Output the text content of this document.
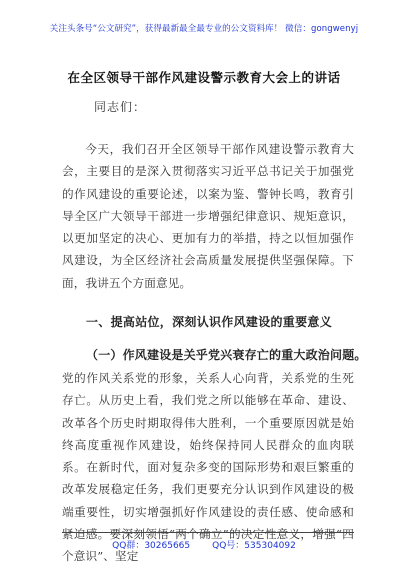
关注头条号“公文研究”，获得最新最全最专业的公文资料库！ 微信：gongwenyj
在全区领导干部作风建设警示教育大会上的讲话
同志们：
今天，我们召开全区领导干部作风建设警示教育大会，主要目的是深入贯彻落实习近平总书记关于加强党的作风建设的重要论述，以案为鉴、警钟长鸣，教育引导全区广大领导干部进一步增强纪律意识、规矩意识，以更加坚定的决心、更加有力的举措，持之以恒加强作风建设，为全区经济社会高质量发展提供坚强保障。下面，我讲五个方面意见。
一、提高站位，深刻认识作风建设的重要意义
（一）作风建设是关乎党兴衰存亡的重大政治问题。
党的作风关系党的形象，关系人心向背，关系党的生死存亡。从历史上看，我们党之所以能够在革命、建设、改革各个历史时期取得伟大胜利，一个重要原因就是始终高度重视作风建设，始终保持同人民群众的血肉联系。在新时代，面对复杂多变的国际形势和艰巨繁重的改革发展稳定任务，我们更要充分认识到作风建设的极端重要性，切实增强抓好作风建设的责任感、使命感和紧迫感。要深刻领悟“两个确立”的决定性意义，增强“四个意识”、坚定
QQ群：30265665 QQ号：535304092
